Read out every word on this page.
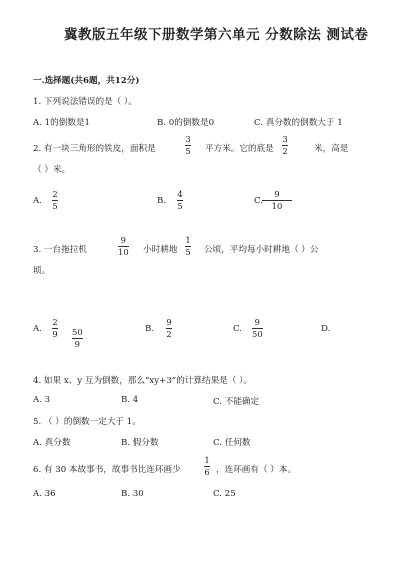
冀教版五年级下册数学第六单元 分数除法 测试卷
一.选择题(共6题，共12分)
1. 下列说法错误的是（ ）。
A. 1的倒数是1	B. 0的倒数是0	C. 真分数的倒数大于 1
2. 有一块三角形的铁皮，面积是
3
5 平方米。它的底是
3
2	米，高是
（ ）米。
A.
2
5	B.
4
5	C.
9
10
3. 一台拖拉机
9
10 小时耕地
1
5 公顷，平均每小时耕地（ ）公
顷。
A.
2
9	B.
9
2	C.
9
50	D.
50
9
4. 如果 x、y 互为倒数，那么“xy+3”的计算结果是（ ）。
A. 3	B. 4	C. 不能确定
5. （ ）的倒数一定大于 1。
A. 真分数	B. 假分数	C. 任何数
6. 有 30 本故事书，故事书比连环画少
1
6 ，连环画有（ ）本。
A. 36	B. 30	C. 25
